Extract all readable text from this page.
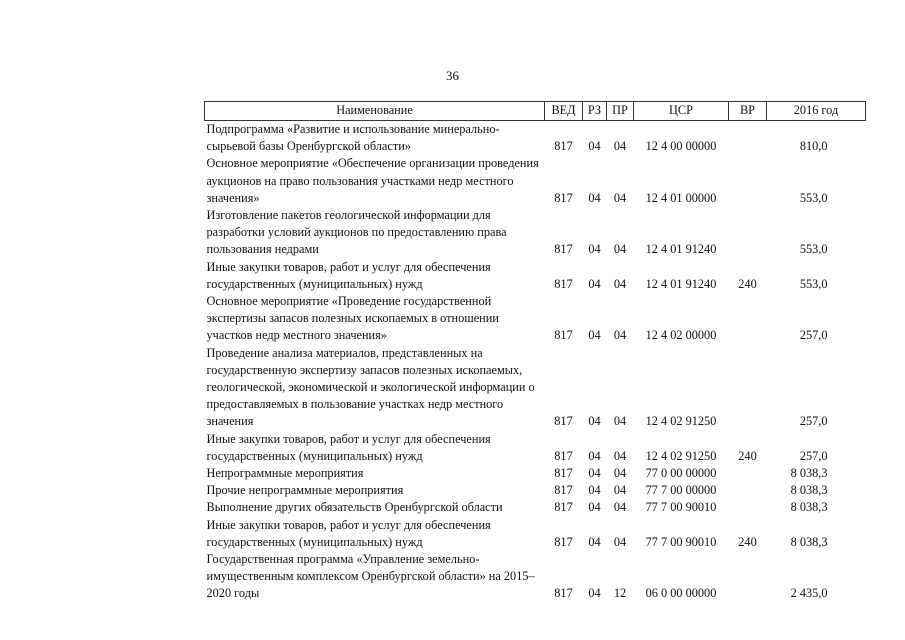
36
Наименование	ВЕД	РЗ	ПР	ЦСР	ВР	2016 год
Подпрограмма «Развитие и использование минерально-сырьевой базы Оренбургской области»	817	04	04	12 4 00 00000		810,0
Основное мероприятие «Обеспечение организации проведения аукционов на право пользования участками недр местного значения»	817	04	04	12 4 01 00000		553,0
Изготовление пакетов геологической информации для разработки условий аукционов по предоставлению права пользования недрами	817	04	04	12 4 01 91240		553,0
Иные закупки товаров, работ и услуг для обеспечения государственных (муниципальных) нужд	817	04	04	12 4 01 91240	240	553,0
Основное мероприятие «Проведение государственной экспертизы запасов полезных ископаемых в отношении участков недр местного значения»	817	04	04	12 4 02 00000		257,0
Проведение анализа материалов, представленных на государственную экспертизу запасов полезных ископаемых, геологической, экономической и экологической информации о предоставляемых в пользование участках недр местного значения	817	04	04	12 4 02 91250		257,0
Иные закупки товаров, работ и услуг для обеспечения государственных (муниципальных) нужд	817	04	04	12 4 02 91250	240	257,0
Непрограммные мероприятия	817	04	04	77 0 00 00000		8 038,3
Прочие непрограммные мероприятия	817	04	04	77 7 00 00000		8 038,3
Выполнение других обязательств Оренбургской области	817	04	04	77 7 00 90010		8 038,3
Иные закупки товаров, работ и услуг для обеспечения государственных (муниципальных) нужд	817	04	04	77 7 00 90010	240	8 038,3
Государственная программа «Управление земельно-имущественным комплексом Оренбургской области» на 2015–2020 годы	817	04	12	06 0 00 00000		2 435,0
